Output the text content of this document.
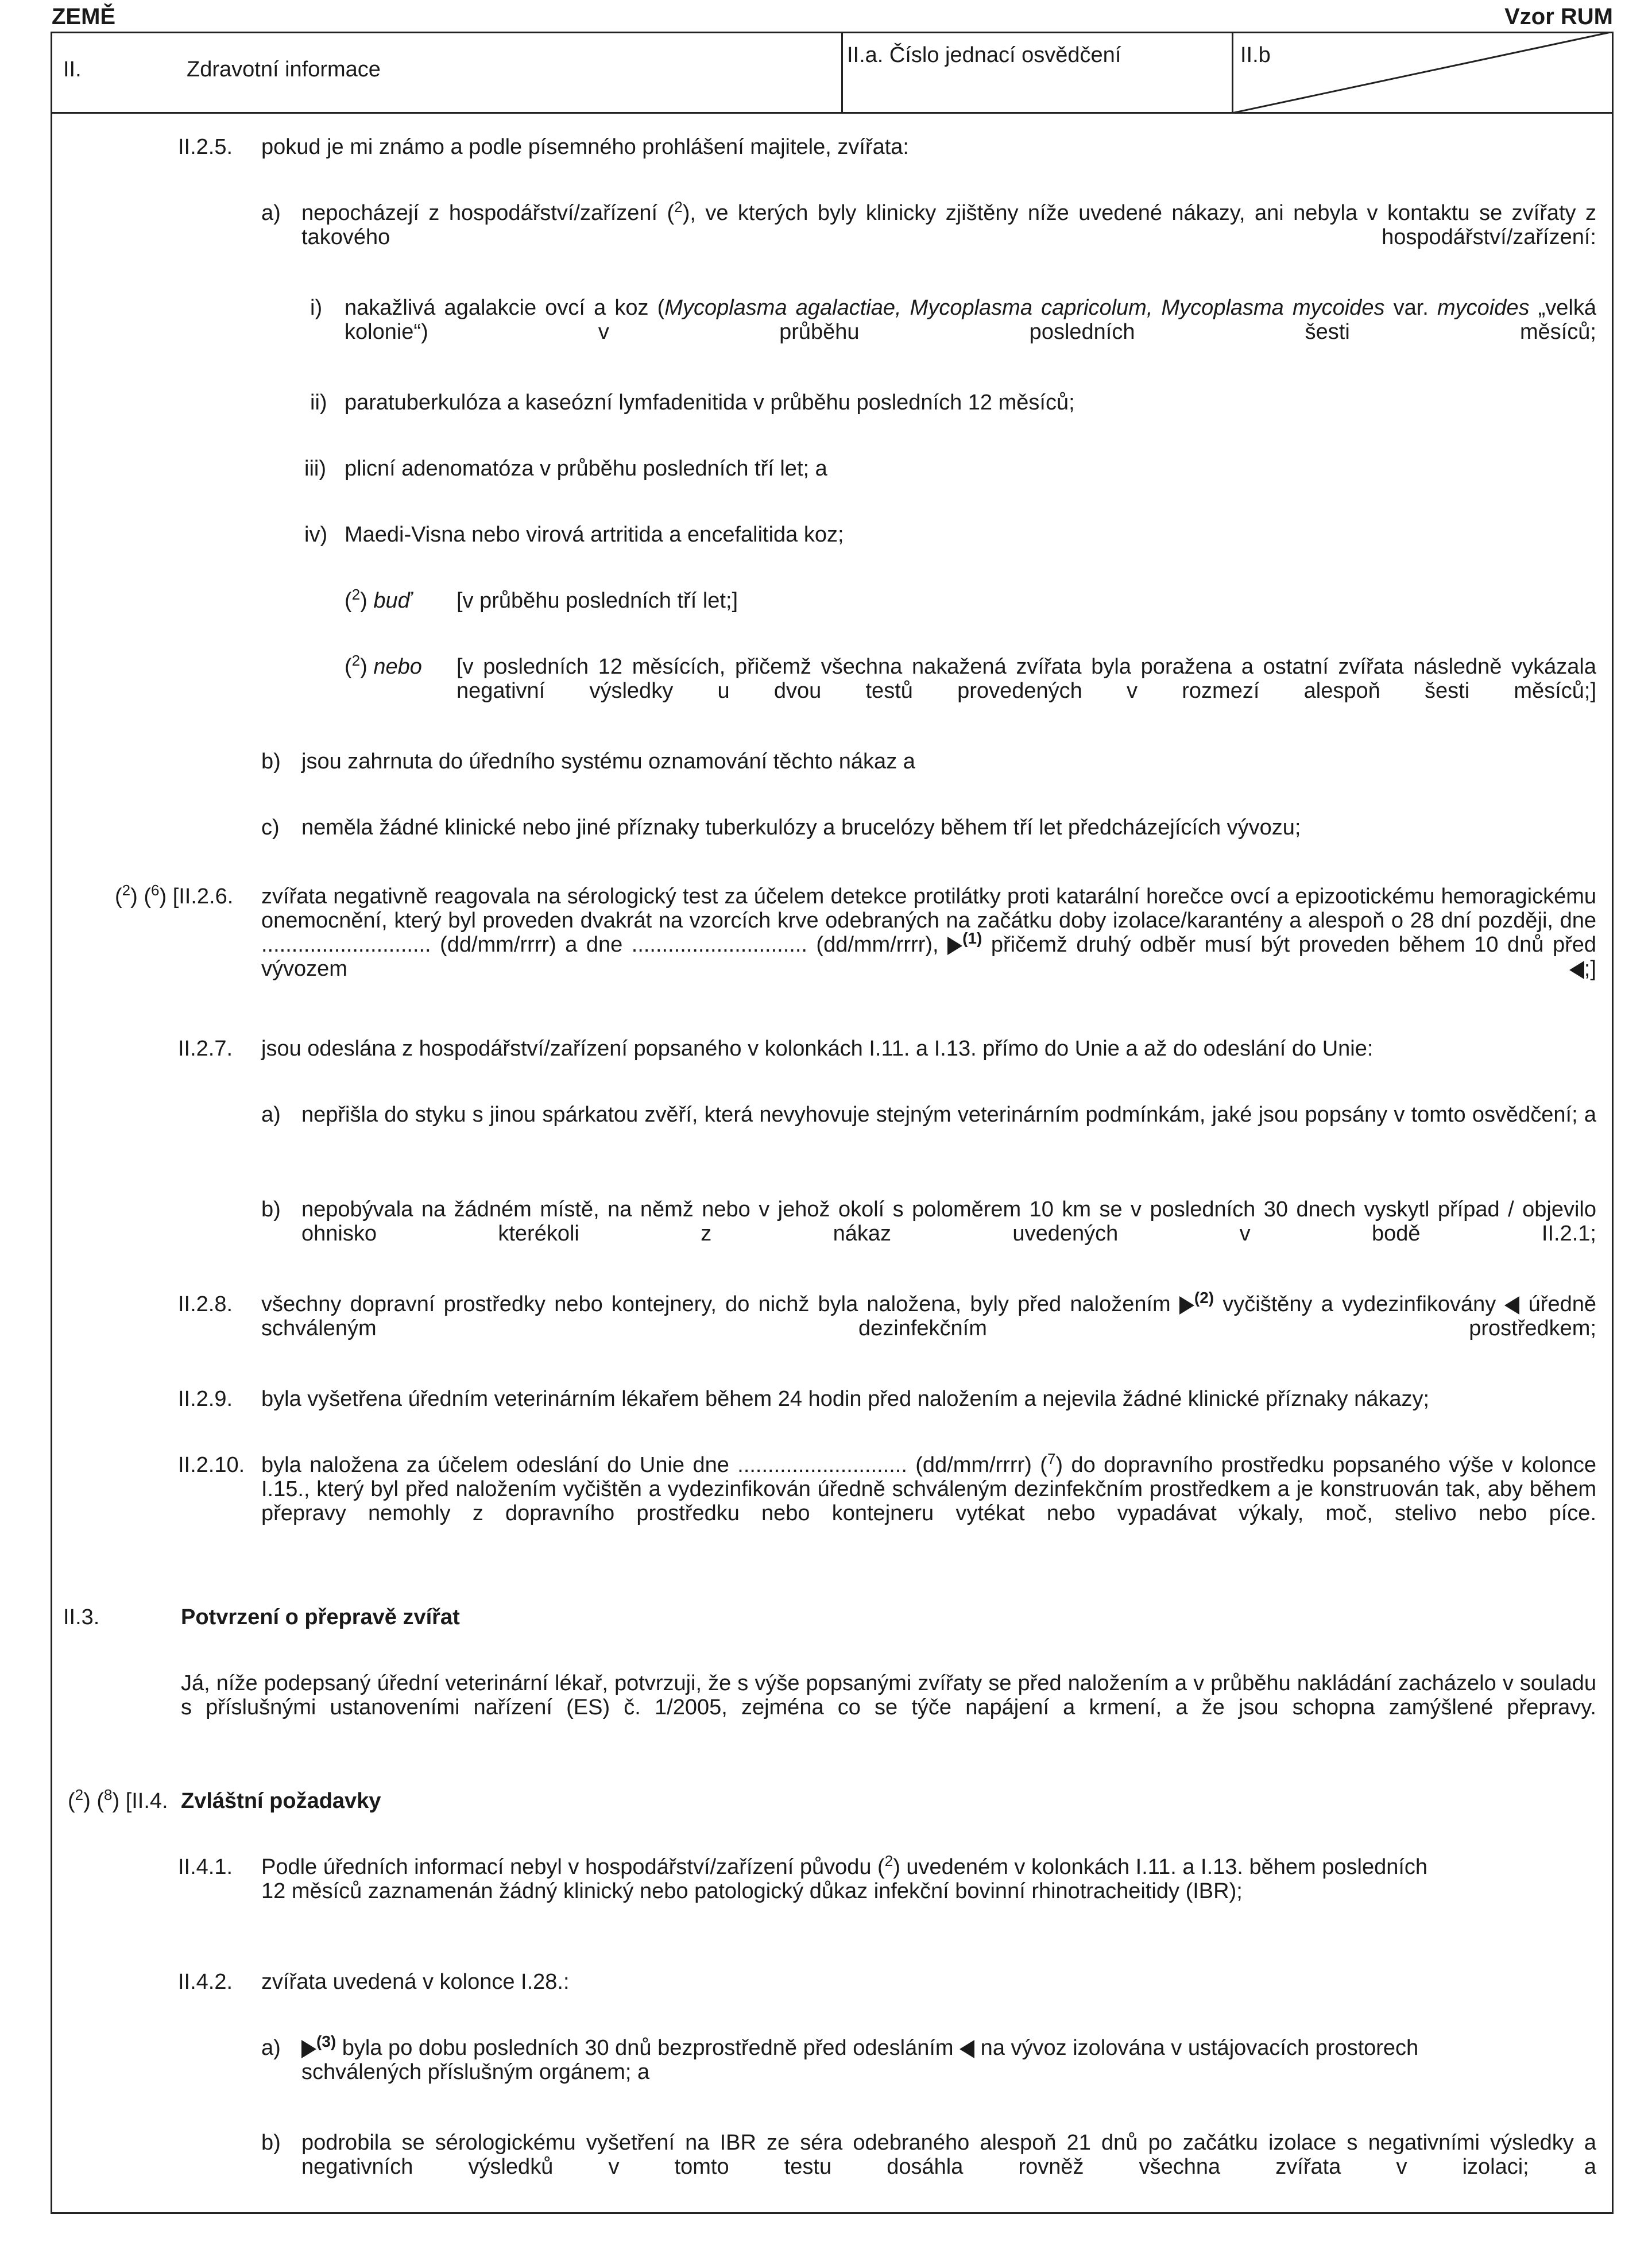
ZEMĚ	Vzor RUM
II.	Zdravotní informace
II.a. Číslo jednací osvědčení	II.b
II.2.5. pokud je mi známo a podle písemného prohlášení majitele, zvířata:
a) nepocházejí z hospodářství/zařízení ($^2$), ve kterých byly klinicky zjištěny níže uvedené nákazy, ani nebyla v kontaktu se zvířaty z takového hospodářství/zařízení:
i) nakažlivá agalakcie ovcí a koz (Mycoplasma agalactiae, Mycoplasma capricolum, Mycoplasma mycoides var. mycoides „velká kolonie“) v průběhu posledních šesti měsíců;
ii) paratuberkulóza a kaseózní lymfadenitida v průběhu posledních 12 měsíců;
iii) plicní adenomatóza v průběhu posledních tří let; a
iv) Maedi-Visna nebo virová artritida a encefalitida koz;
($^2$) buď [v průběhu posledních tří let;]
($^2$) nebo [v posledních 12 měsících, přičemž všechna nakažená zvířata byla poražena a ostatní zvířata následně vykázala negativní výsledky u dvou testů provedených v rozmezí alespoň šesti měsíců;]
b) jsou zahrnuta do úředního systému oznamování těchto nákaz a
c) neměla žádné klinické nebo jiné příznaky tuberkulózy a brucelózy během tří let předcházejících vývozu;
($^2$) ($^6$) [II.2.6. zvířata negativně reagovala na sérologický test za účelem detekce protilátky proti katarální horečce ovcí a epizootickému hemoragickému onemocnění, který byl proveden dvakrát na vzorcích krve odebraných na začátku doby izolace/karantény a alespoň o 28 dní později, dne ............................ (dd/mm/rrrr) a dne ............................. (dd/mm/rrrr), $^{(1)}$ přičemž druhý odběr musí být proveden během 10 dnů před vývozem ;]
II.2.7. jsou odeslána z hospodářství/zařízení popsaného v kolonkách I.11. a I.13. přímo do Unie a až do odeslání do Unie:
a) nepřišla do styku s jinou spárkatou zvěří, která nevyhovuje stejným veterinárním podmínkám, jaké jsou popsány v tomto osvědčení; a
b) nepobývala na žádném místě, na němž nebo v jehož okolí s poloměrem 10 km se v posledních 30 dnech vyskytl případ / objevilo ohnisko kterékoli z nákaz uvedených v bodě II.2.1;
II.2.8. všechny dopravní prostředky nebo kontejnery, do nichž byla naložena, byly před naložením $^{(2)}$ vyčištěny a vydezinfikovány  úředně schváleným dezinfekčním prostředkem;
II.2.9. byla vyšetřena úředním veterinárním lékařem během 24 hodin před naložením a nejevila žádné klinické příznaky nákazy;
II.2.10. byla naložena za účelem odeslání do Unie dne ............................ (dd/mm/rrrr) ($^7$) do dopravního prostředku popsaného výše v kolonce I.15., který byl před naložením vyčištěn a vydezinfikován úředně schváleným dezinfekčním prostředkem a je konstruován tak, aby během přepravy nemohly z dopravního prostředku nebo kontejneru vytékat nebo vypadávat výkaly, moč, stelivo nebo píce.
II.3.	Potvrzení o přepravě zvířat
Já, níže podepsaný úřední veterinární lékař, potvrzuji, že s výše popsanými zvířaty se před naložením a v průběhu nakládání zacházelo v souladu s příslušnými ustanoveními nařízení (ES) č. 1/2005, zejména co se týče napájení a krmení, a že jsou schopna zamýšlené přepravy.
($^2$) ($^8$) [II.4. Zvláštní požadavky
II.4.1. Podle úředních informací nebyl v hospodářství/zařízení původu ($^2$) uvedeném v kolonkách I.11. a I.13. během posledních
12 měsíců zaznamenán žádný klinický nebo patologický důkaz infekční bovinní rhinotracheitidy (IBR);
II.4.2. zvířata uvedená v kolonce I.28.:
a)	$^{(3)}$ byla po dobu posledních 30 dnů bezprostředně před odesláním  na vývoz izolována v ustájovacích prostorech
schválených příslušným orgánem; a
b) podrobila se sérologickému vyšetření na IBR ze séra odebraného alespoň 21 dnů po začátku izolace s negativními výsledky a negativních výsledků v tomto testu dosáhla rovněž všechna zvířata v izolaci; a
